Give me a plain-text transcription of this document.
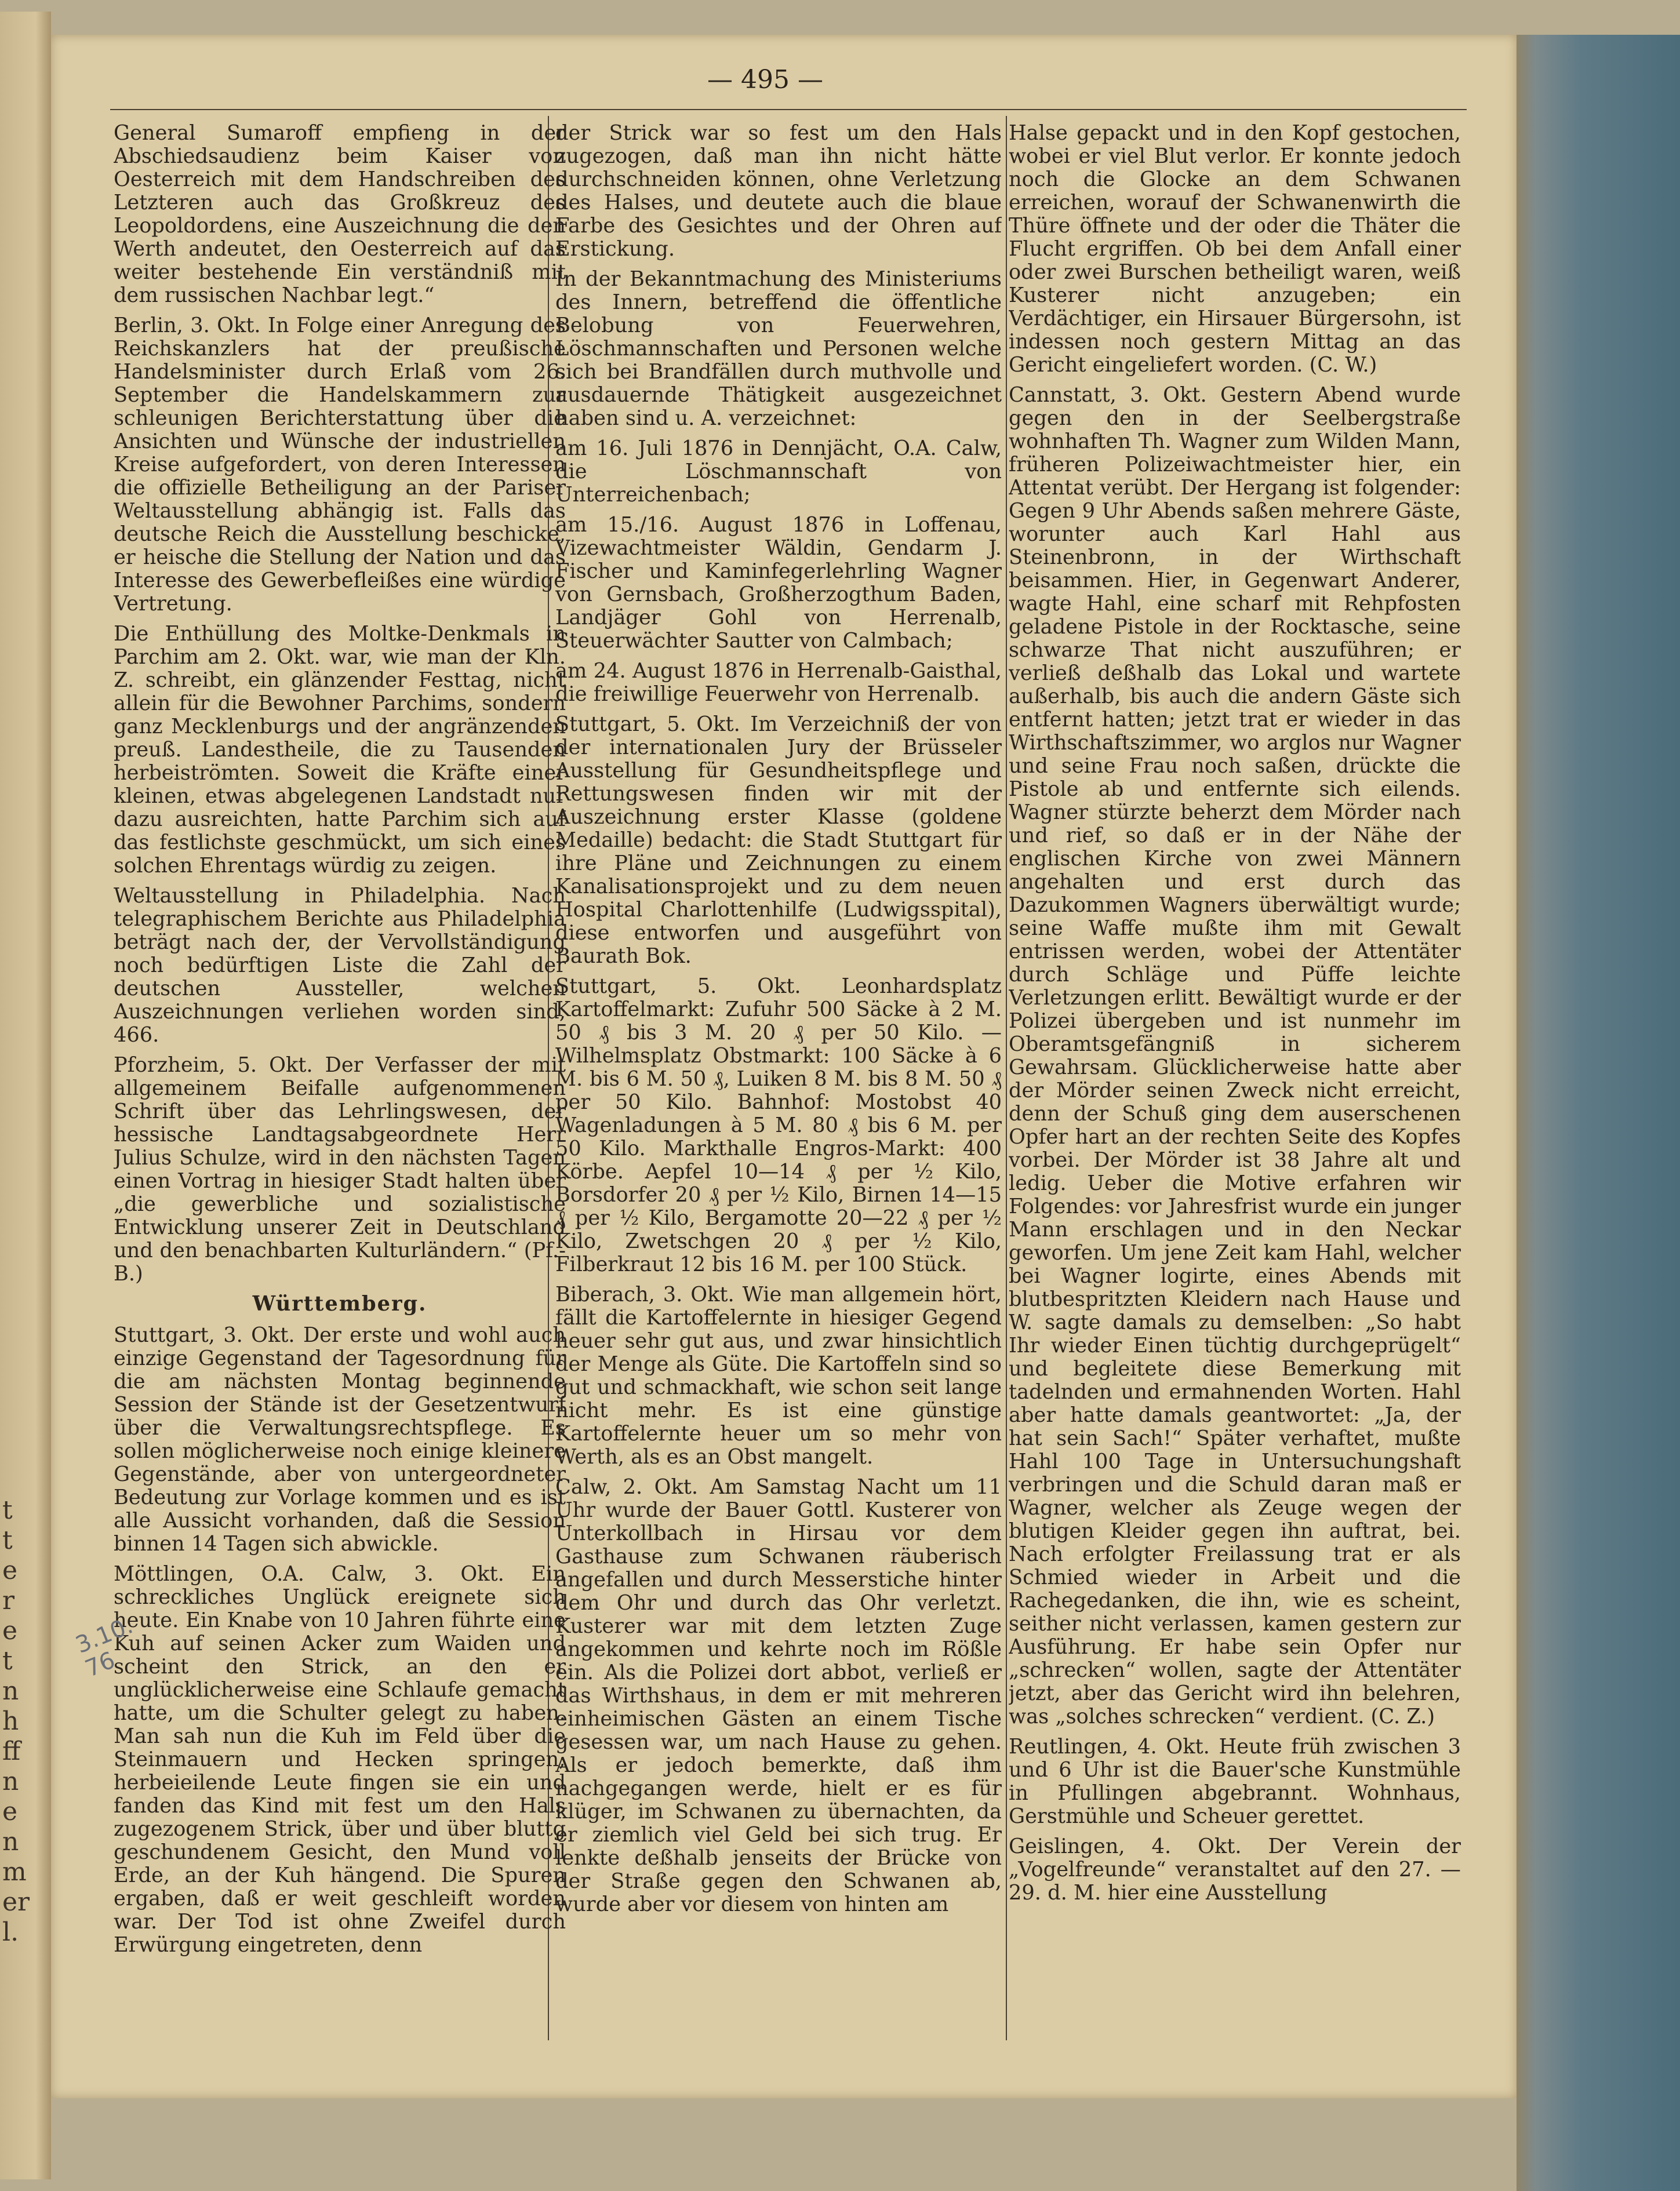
t
t
e
r
e
t
n
h
ff
n
e
n
m
er
l.
— 495 —

General Sumaroff empfieng in der Abschiedsaudienz beim Kaiser von Oesterreich mit dem Handschreiben des Letzteren auch das Großkreuz des Leopoldordens, eine Auszeichnung die den Werth andeutet, den Oesterreich auf das weiter bestehende Ein verständniß mit dem russischen Nachbar legt.“

Berlin, 3. Okt. In Folge einer Anregung des Reichskanzlers hat der preußische Handelsminister durch Erlaß vom 26. September die Handelskammern zur schleunigen Berichterstattung über die Ansichten und Wünsche der industriellen Kreise aufgefordert, von deren Interessen die offizielle Betheiligung an der Pariser Weltausstellung abhängig ist. Falls das deutsche Reich die Ausstellung beschicke, er heische die Stellung der Nation und das Interesse des Gewerbefleißes eine würdige Vertretung.

Die Enthüllung des Moltke-Denkmals in Parchim am 2. Okt. war, wie man der Kln. Z. schreibt, ein glänzender Festtag, nicht allein für die Bewohner Parchims, sondern ganz Mecklenburgs und der angränzenden preuß. Landestheile, die zu Tausenden herbeiströmten. Soweit die Kräfte einer kleinen, etwas abgelegenen Landstadt nur dazu ausreichten, hatte Parchim sich auf das festlichste geschmückt, um sich eines solchen Ehrentags würdig zu zeigen.

Weltausstellung in Philadelphia. Nach telegraphischem Berichte aus Philadelphia beträgt nach der, der Vervollständigung noch bedürftigen Liste die Zahl der deutschen Aussteller, welchen Auszeichnungen verliehen worden sind, 466.

Pforzheim, 5. Okt. Der Verfasser der mit allgemeinem Beifalle aufgenommenen Schrift über das Lehrlingswesen, der hessische Landtagsabgeordnete Herr Julius Schulze, wird in den nächsten Tagen einen Vortrag in hiesiger Stadt halten über „die gewerbliche und sozialistische Entwicklung unserer Zeit in Deutschland und den benachbarten Kulturländern.“ (Pf.-B.)

Württemberg.

Stuttgart, 3. Okt. Der erste und wohl auch einzige Gegenstand der Tagesordnung für die am nächsten Montag beginnende Session der Stände ist der Gesetzentwurf über die Verwaltungsrechtspflege. Es sollen möglicherweise noch einige kleinere Gegenstände, aber von untergeordneter Bedeutung zur Vorlage kommen und es ist alle Aussicht vorhanden, daß die Session binnen 14 Tagen sich abwickle.

Möttlingen, O.A. Calw, 3. Okt. Ein schreckliches Unglück ereignete sich heute. Ein Knabe von 10 Jahren führte eine Kuh auf seinen Acker zum Waiden und scheint den Strick, an den er unglücklicherweise eine Schlaufe gemacht hatte, um die Schulter gelegt zu haben. Man sah nun die Kuh im Feld über die Steinmauern und Hecken springen; herbeieilende Leute fingen sie ein und fanden das Kind mit fest um den Hals zugezogenem Strick, über und über bluttg geschundenem Gesicht, den Mund voll Erde, an der Kuh hängend. Die Spuren ergaben, daß er weit geschleift worden war. Der Tod ist ohne Zweifel durch Erwürgung eingetreten, denn

der Strick war so fest um den Hals zugezogen, daß man ihn nicht hätte durchschneiden können, ohne Verletzung des Halses, und deutete auch die blaue Farbe des Gesichtes und der Ohren auf Erstickung.

In der Bekanntmachung des Ministeriums des Innern, betreffend die öffentliche Belobung von Feuerwehren, Löschmannschaften und Personen welche sich bei Brandfällen durch muthvolle und ausdauernde Thätigkeit ausgezeichnet haben sind u. A. verzeichnet:

am 16. Juli 1876 in Dennjächt, O.A. Calw, die Löschmannschaft von Unterreichenbach;

am 15./16. August 1876 in Loffenau, Vizewachtmeister Wäldin, Gendarm J. Fischer und Kaminfegerlehrling Wagner von Gernsbach, Großherzogthum Baden, Landjäger Gohl von Herrenalb, Steuerwächter Sautter von Calmbach;

am 24. August 1876 in Herrenalb-Gaisthal, die freiwillige Feuerwehr von Herrenalb.

Stuttgart, 5. Okt. Im Verzeichniß der von der internationalen Jury der Brüsseler Ausstellung für Gesundheitspflege und Rettungswesen finden wir mit der Auszeichnung erster Klasse (goldene Medaille) bedacht: die Stadt Stuttgart für ihre Pläne und Zeichnungen zu einem Kanalisationsprojekt und zu dem neuen Hospital Charlottenhilfe (Ludwigsspital), diese entworfen und ausgeführt von Baurath Bok.

Stuttgart, 5. Okt. Leonhardsplatz Kartoffelmarkt: Zufuhr 500 Säcke à 2 M. 50 ₰ bis 3 M. 20 ₰ per 50 Kilo. — Wilhelmsplatz Obstmarkt: 100 Säcke à 6 M. bis 6 M. 50 ₰, Luiken 8 M. bis 8 M. 50 ₰ per 50 Kilo. Bahnhof: Mostobst 40 Wagenladungen à 5 M. 80 ₰ bis 6 M. per 50 Kilo. Markthalle Engros-Markt: 400 Körbe. Aepfel 10—14 ₰ per ½ Kilo, Borsdorfer 20 ₰ per ½ Kilo, Birnen 14—15 ₰ per ½ Kilo, Bergamotte 20—22 ₰ per ½ Kilo, Zwetschgen 20 ₰ per ½ Kilo, Filberkraut 12 bis 16 M. per 100 Stück.

Biberach, 3. Okt. Wie man allgemein hört, fällt die Kartoffelernte in hiesiger Gegend heuer sehr gut aus, und zwar hinsichtlich der Menge als Güte. Die Kartoffeln sind so gut und schmackhaft, wie schon seit lange nicht mehr. Es ist eine günstige Kartoffelernte heuer um so mehr von Werth, als es an Obst mangelt.

Calw, 2. Okt. Am Samstag Nacht um 11 Uhr wurde der Bauer Gottl. Kusterer von Unterkollbach in Hirsau vor dem Gasthause zum Schwanen räuberisch angefallen und durch Messerstiche hinter dem Ohr und durch das Ohr verletzt. Kusterer war mit dem letzten Zuge angekommen und kehrte noch im Rößle ein. Als die Polizei dort abbot, verließ er das Wirthshaus, in dem er mit mehreren einheimischen Gästen an einem Tische gesessen war, um nach Hause zu gehen. Als er jedoch bemerkte, daß ihm nachgegangen werde, hielt er es für klüger, im Schwanen zu übernachten, da er ziemlich viel Geld bei sich trug. Er lenkte deßhalb jenseits der Brücke von der Straße gegen den Schwanen ab, wurde aber vor diesem von hinten am

Halse gepackt und in den Kopf gestochen, wobei er viel Blut verlor. Er konnte jedoch noch die Glocke an dem Schwanen erreichen, worauf der Schwanenwirth die Thüre öffnete und der oder die Thäter die Flucht ergriffen. Ob bei dem Anfall einer oder zwei Burschen betheiligt waren, weiß Kusterer nicht anzugeben; ein Verdächtiger, ein Hirsauer Bürgersohn, ist indessen noch gestern Mittag an das Gericht eingeliefert worden. (C. W.)

Cannstatt, 3. Okt. Gestern Abend wurde gegen den in der Seelbergstraße wohnhaften Th. Wagner zum Wilden Mann, früheren Polizeiwachtmeister hier, ein Attentat verübt. Der Hergang ist folgender: Gegen 9 Uhr Abends saßen mehrere Gäste, worunter auch Karl Hahl aus Steinenbronn, in der Wirthschaft beisammen. Hier, in Gegenwart Anderer, wagte Hahl, eine scharf mit Rehpfosten geladene Pistole in der Rocktasche, seine schwarze That nicht auszuführen; er verließ deßhalb das Lokal und wartete außerhalb, bis auch die andern Gäste sich entfernt hatten; jetzt trat er wieder in das Wirthschaftszimmer, wo arglos nur Wagner und seine Frau noch saßen, drückte die Pistole ab und entfernte sich eilends. Wagner stürzte beherzt dem Mörder nach und rief, so daß er in der Nähe der englischen Kirche von zwei Männern angehalten und erst durch das Dazukommen Wagners überwältigt wurde; seine Waffe mußte ihm mit Gewalt entrissen werden, wobei der Attentäter durch Schläge und Püffe leichte Verletzungen erlitt. Bewältigt wurde er der Polizei übergeben und ist nunmehr im Oberamtsgefängniß in sicherem Gewahrsam. Glücklicherweise hatte aber der Mörder seinen Zweck nicht erreicht, denn der Schuß ging dem auserschenen Opfer hart an der rechten Seite des Kopfes vorbei. Der Mörder ist 38 Jahre alt und ledig. Ueber die Motive erfahren wir Folgendes: vor Jahresfrist wurde ein junger Mann erschlagen und in den Neckar geworfen. Um jene Zeit kam Hahl, welcher bei Wagner logirte, eines Abends mit blutbespritzten Kleidern nach Hause und W. sagte damals zu demselben: „So habt Ihr wieder Einen tüchtig durchgeprügelt“ und begleitete diese Bemerkung mit tadelnden und ermahnenden Worten. Hahl aber hatte damals geantwortet: „Ja, der hat sein Sach!“ Später verhaftet, mußte Hahl 100 Tage in Untersuchungshaft verbringen und die Schuld daran maß er Wagner, welcher als Zeuge wegen der blutigen Kleider gegen ihn auftrat, bei. Nach erfolgter Freilassung trat er als Schmied wieder in Arbeit und die Rachegedanken, die ihn, wie es scheint, seither nicht verlassen, kamen gestern zur Ausführung. Er habe sein Opfer nur „schrecken“ wollen, sagte der Attentäter jetzt, aber das Gericht wird ihn belehren, was „solches schrecken“ verdient. (C. Z.)

Reutlingen, 4. Okt. Heute früh zwischen 3 und 6 Uhr ist die Bauer'sche Kunstmühle in Pfullingen abgebrannt. Wohnhaus, Gerstmühle und Scheuer gerettet.

Geislingen, 4. Okt. Der Verein der „Vogelfreunde“ veranstaltet auf den 27. — 29. d. M. hier eine Ausstellung

3.10. 76
